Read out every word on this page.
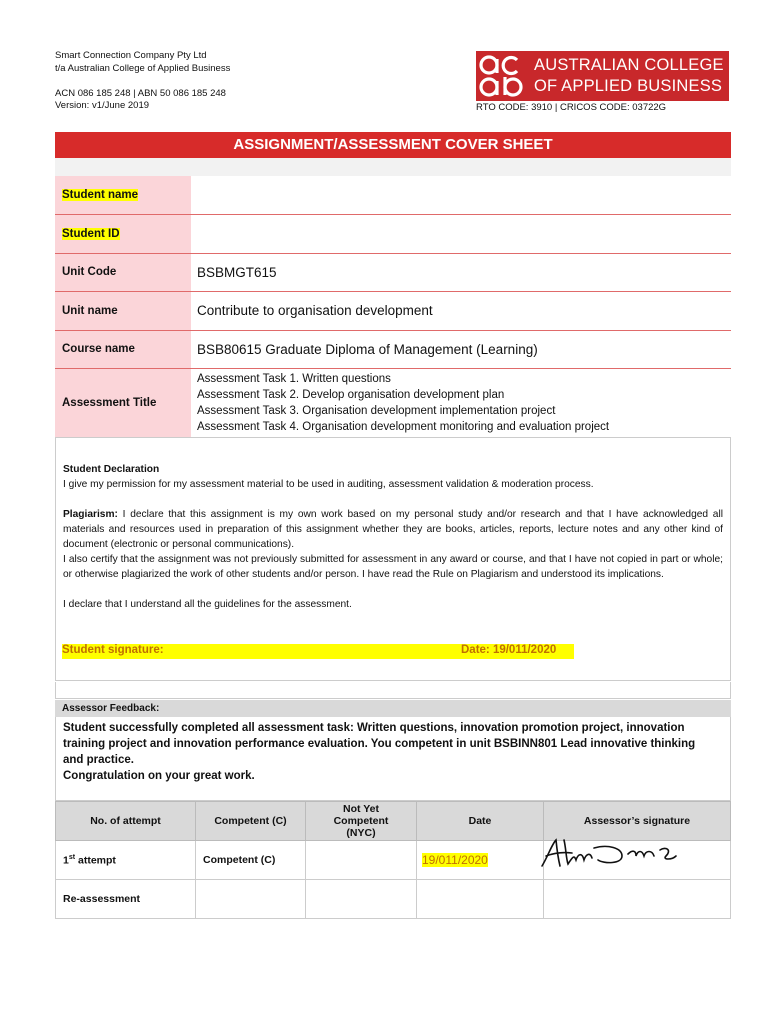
Smart Connection Company Pty Ltd
t/a Australian College of Applied Business
ACN 086 185 248 | ABN 50 086 185 248
Version: v1/June 2019
AUSTRALIAN COLLEGE
OF APPLIED BUSINESS
RTO CODE: 3910 | CRICOS CODE: 03722G
ASSIGNMENT/ASSESSMENT COVER SHEET
Student name	
Student ID	
Unit Code	BSBMGT615
Unit name	Contribute to organisation development
Course name	BSB80615 Graduate Diploma of Management (Learning)
Assessment Title	Assessment Task 1. Written questions
Assessment Task 2. Develop organisation development plan
Assessment Task 3. Organisation development implementation project
Assessment Task 4. Organisation development monitoring and evaluation project

Student Declaration

I give my permission for my assessment material to be used in auditing, assessment validation & moderation process.

Plagiarism: I declare that this assignment is my own work based on my personal study and/or research and that I have acknowledged all materials and resources used in preparation of this assignment whether they are books, articles, reports, lecture notes and any other kind of document (electronic or personal communications).

I also certify that the assignment was not previously submitted for assessment in any award or course, and that I have not copied in part or whole; or otherwise plagiarized the work of other students and/or person. I have read the Rule on Plagiarism and understood its implications.

I declare that I understand all the guidelines for the assessment.

Student signature:	Date: 19/011/2020
Assessor Feedback:
Student successfully completed all assessment task: Written questions, innovation promotion project, innovation training project and innovation performance evaluation. You competent in unit BSBINN801 Lead innovative thinking and practice.
Congratulation on your great work.
No. of attempt	Competent (C)	Not Yet Competent (NYC)	Date	Assessor’s signature
1st attempt	Competent (C)		19/011/2020	
Re-assessment				
